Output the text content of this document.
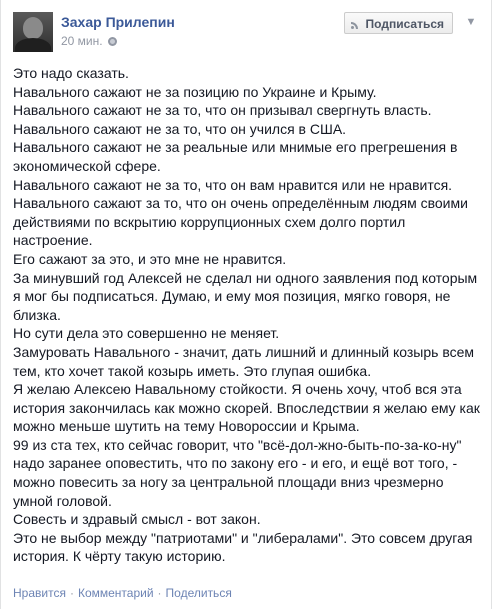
Захар Прилепин
20 мин.
Подписаться	▼

Это надо сказать.

Навального сажают не за позицию по Украине и Крыму.

Навального сажают не за то, что он призывал свергнуть власть.

Навального сажают не за то, что он учился в США.

Навального сажают не за реальные или мнимые его прегрешения в экономической сфере.

Навального сажают не за то, что он вам нравится или не нравится.

Навального сажают за то, что он очень определённым людям своими действиями по вскрытию коррупционных схем долго портил настроение.

Его сажают за это, и это мне не нравится.

За минувший год Алексей не сделал ни одного заявления под которым я мог бы подписаться. Думаю, и ему моя позиция, мягко говоря, не близка.

Но сути дела это совершенно не меняет.

Замуровать Навального - значит, дать лишний и длинный козырь всем тем, кто хочет такой козырь иметь. Это глупая ошибка.

Я желаю Алексею Навальному стойкости. Я очень хочу, чтоб вся эта история закончилась как можно скорей. Впоследствии я желаю ему как можно меньше шутить на тему Новороссии и Крыма.

99 из ста тех, кто сейчас говорит, что "всё-дол-жно-быть-по-за-ко-ну" надо заранее оповестить, что по закону его - и его, и ещё вот того, - можно повесить за ногу за центральной площади вниз чрезмерно умной головой.

Совесть и здравый смысл - вот закон.

Это не выбор между "патриотами" и "либералами". Это совсем другая история. К чёрту такую историю.

Нравится · Комментарий · Поделиться
